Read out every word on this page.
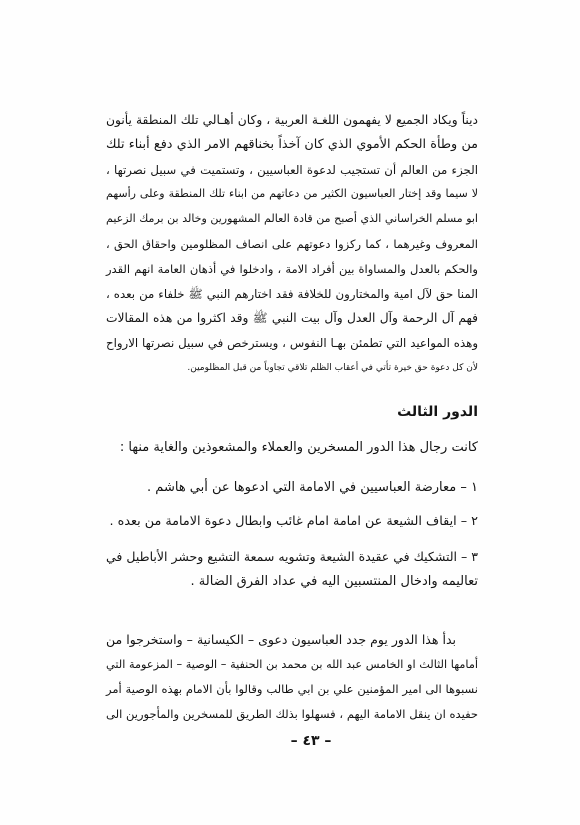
ديناً ويكاد الجميع لا يفهمون اللغـة العربية ، وكان أهـالي تلك المنطقة يأنون
من وطأة الحكم الأموي الذي كان آخذاً بخناقهم الامر الذي دفع أبناء تلك
الجزء من العالم أن تستجيب لدعوة العباسيين ، وتستميت في سبيل نصرتها ،
لا سيما وقد إختار العباسيون الكثير من دعاتهم من ابناء تلك المنطقة وعلى رأسهم
ابو مسلم الخراساني الذي أصبح من قادة العالم المشهورين وخالد بن برمك الزعيم
المعروف وغيرهما ، كما ركزوا دعوتهم على انصاف المظلومين واحقاق الحق ،
والحكم بالعدل والمساواة بين أفراد الامة ، وادخلوا في أذهان العامة انهم القدر
المنا حق لآل امية والمختارون للخلافة فقد اختارهم النبي ﷺ خلفاء من بعده ،
فهم آل الرحمة وآل العدل وآل بيت النبي ﷺ وقد اكثروا من هذه المقالات
وهذه المواعيد التي تطمئن بهـا النفوس ، ويسترخص في سبيل نصرتها الارواح
لأن كل دعوة حق خيرة تأتي في أعقاب الظلم تلاقي تجاوباً من قبل المظلومين.
الدور الثالث
كانت رجال هذا الدور المسخرين والعملاء والمشعوذين والغاية منها :
١ – معارضة العباسيين في الامامة التي ادعوها عن أبي هاشم .
٢ – ايقاف الشيعة عن امامة امام غائب وابطال دعوة الامامة من بعده .
٣ – التشكيك في عقيدة الشيعة وتشويه سمعة التشيع وحشر الأباطيل في
تعاليمه وادخال المنتسبين اليه في عداد الفرق الضالة .
بدأ هذا الدور يوم جدد العباسيون دعوى – الكيسانية – واستخرجوا من
أمامها الثالث او الخامس عبد الله بن محمد بن الحنفية – الوصية – المزعومة التي
نسبوها الى امير المؤمنين علي بن ابي طالب وقالوا بأن الامام بهذه الوصية أمر
حفيده ان ينقل الامامة اليهم ، فسهلوا بذلك الطريق للمسخرين والمأجورين الى
– ٤٣ –
